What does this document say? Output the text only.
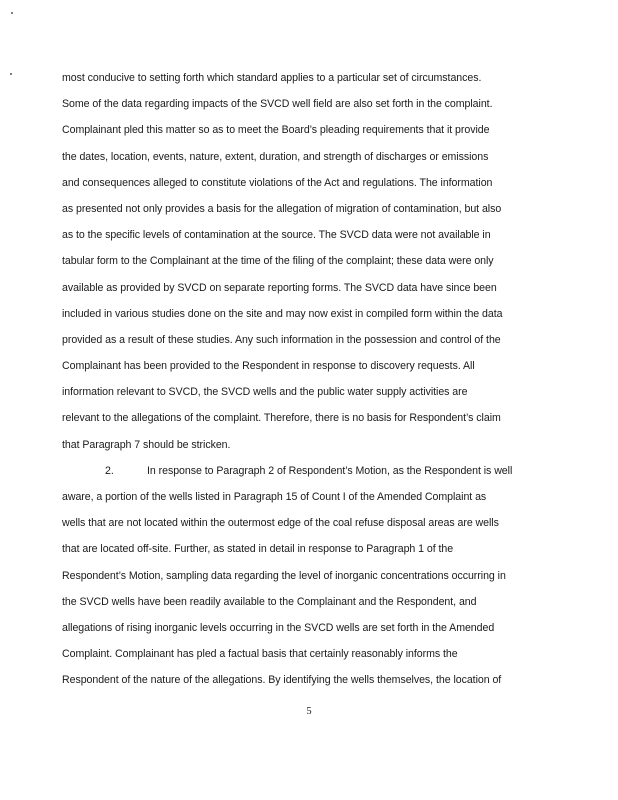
most conducive to setting forth which standard applies to a particular set of circumstances.
Some of the data regarding impacts of the SVCD well field are also set forth in the complaint.
Complainant pled this matter so as to meet the Board’s pleading requirements that it provide
the dates, location, events, nature, extent, duration, and strength of discharges or emissions
and consequences alleged to constitute violations of the Act and regulations. The information
as presented not only provides a basis for the allegation of migration of contamination, but also
as to the specific levels of contamination at the source. The SVCD data were not available in
tabular form to the Complainant at the time of the filing of the complaint; these data were only
available as provided by SVCD on separate reporting forms. The SVCD data have since been
included in various studies done on the site and may now exist in compiled form within the data
provided as a result of these studies. Any such information in the possession and control of the
Complainant has been provided to the Respondent in response to discovery requests. All
information relevant to SVCD, the SVCD wells and the public water supply activities are
relevant to the allegations of the complaint. Therefore, there is no basis for Respondent’s claim
that Paragraph 7 should be stricken.
2.	In response to Paragraph 2 of Respondent’s Motion, as the Respondent is well
aware, a portion of the wells listed in Paragraph 15 of Count I of the Amended Complaint as
wells that are not located within the outermost edge of the coal refuse disposal areas are wells
that are located off-site. Further, as stated in detail in response to Paragraph 1 of the
Respondent’s Motion, sampling data regarding the level of inorganic concentrations occurring in
the SVCD wells have been readily available to the Complainant and the Respondent, and
allegations of rising inorganic levels occurring in the SVCD wells are set forth in the Amended
Complaint. Complainant has pled a factual basis that certainly reasonably informs the
Respondent of the nature of the allegations. By identifying the wells themselves, the location of
5
